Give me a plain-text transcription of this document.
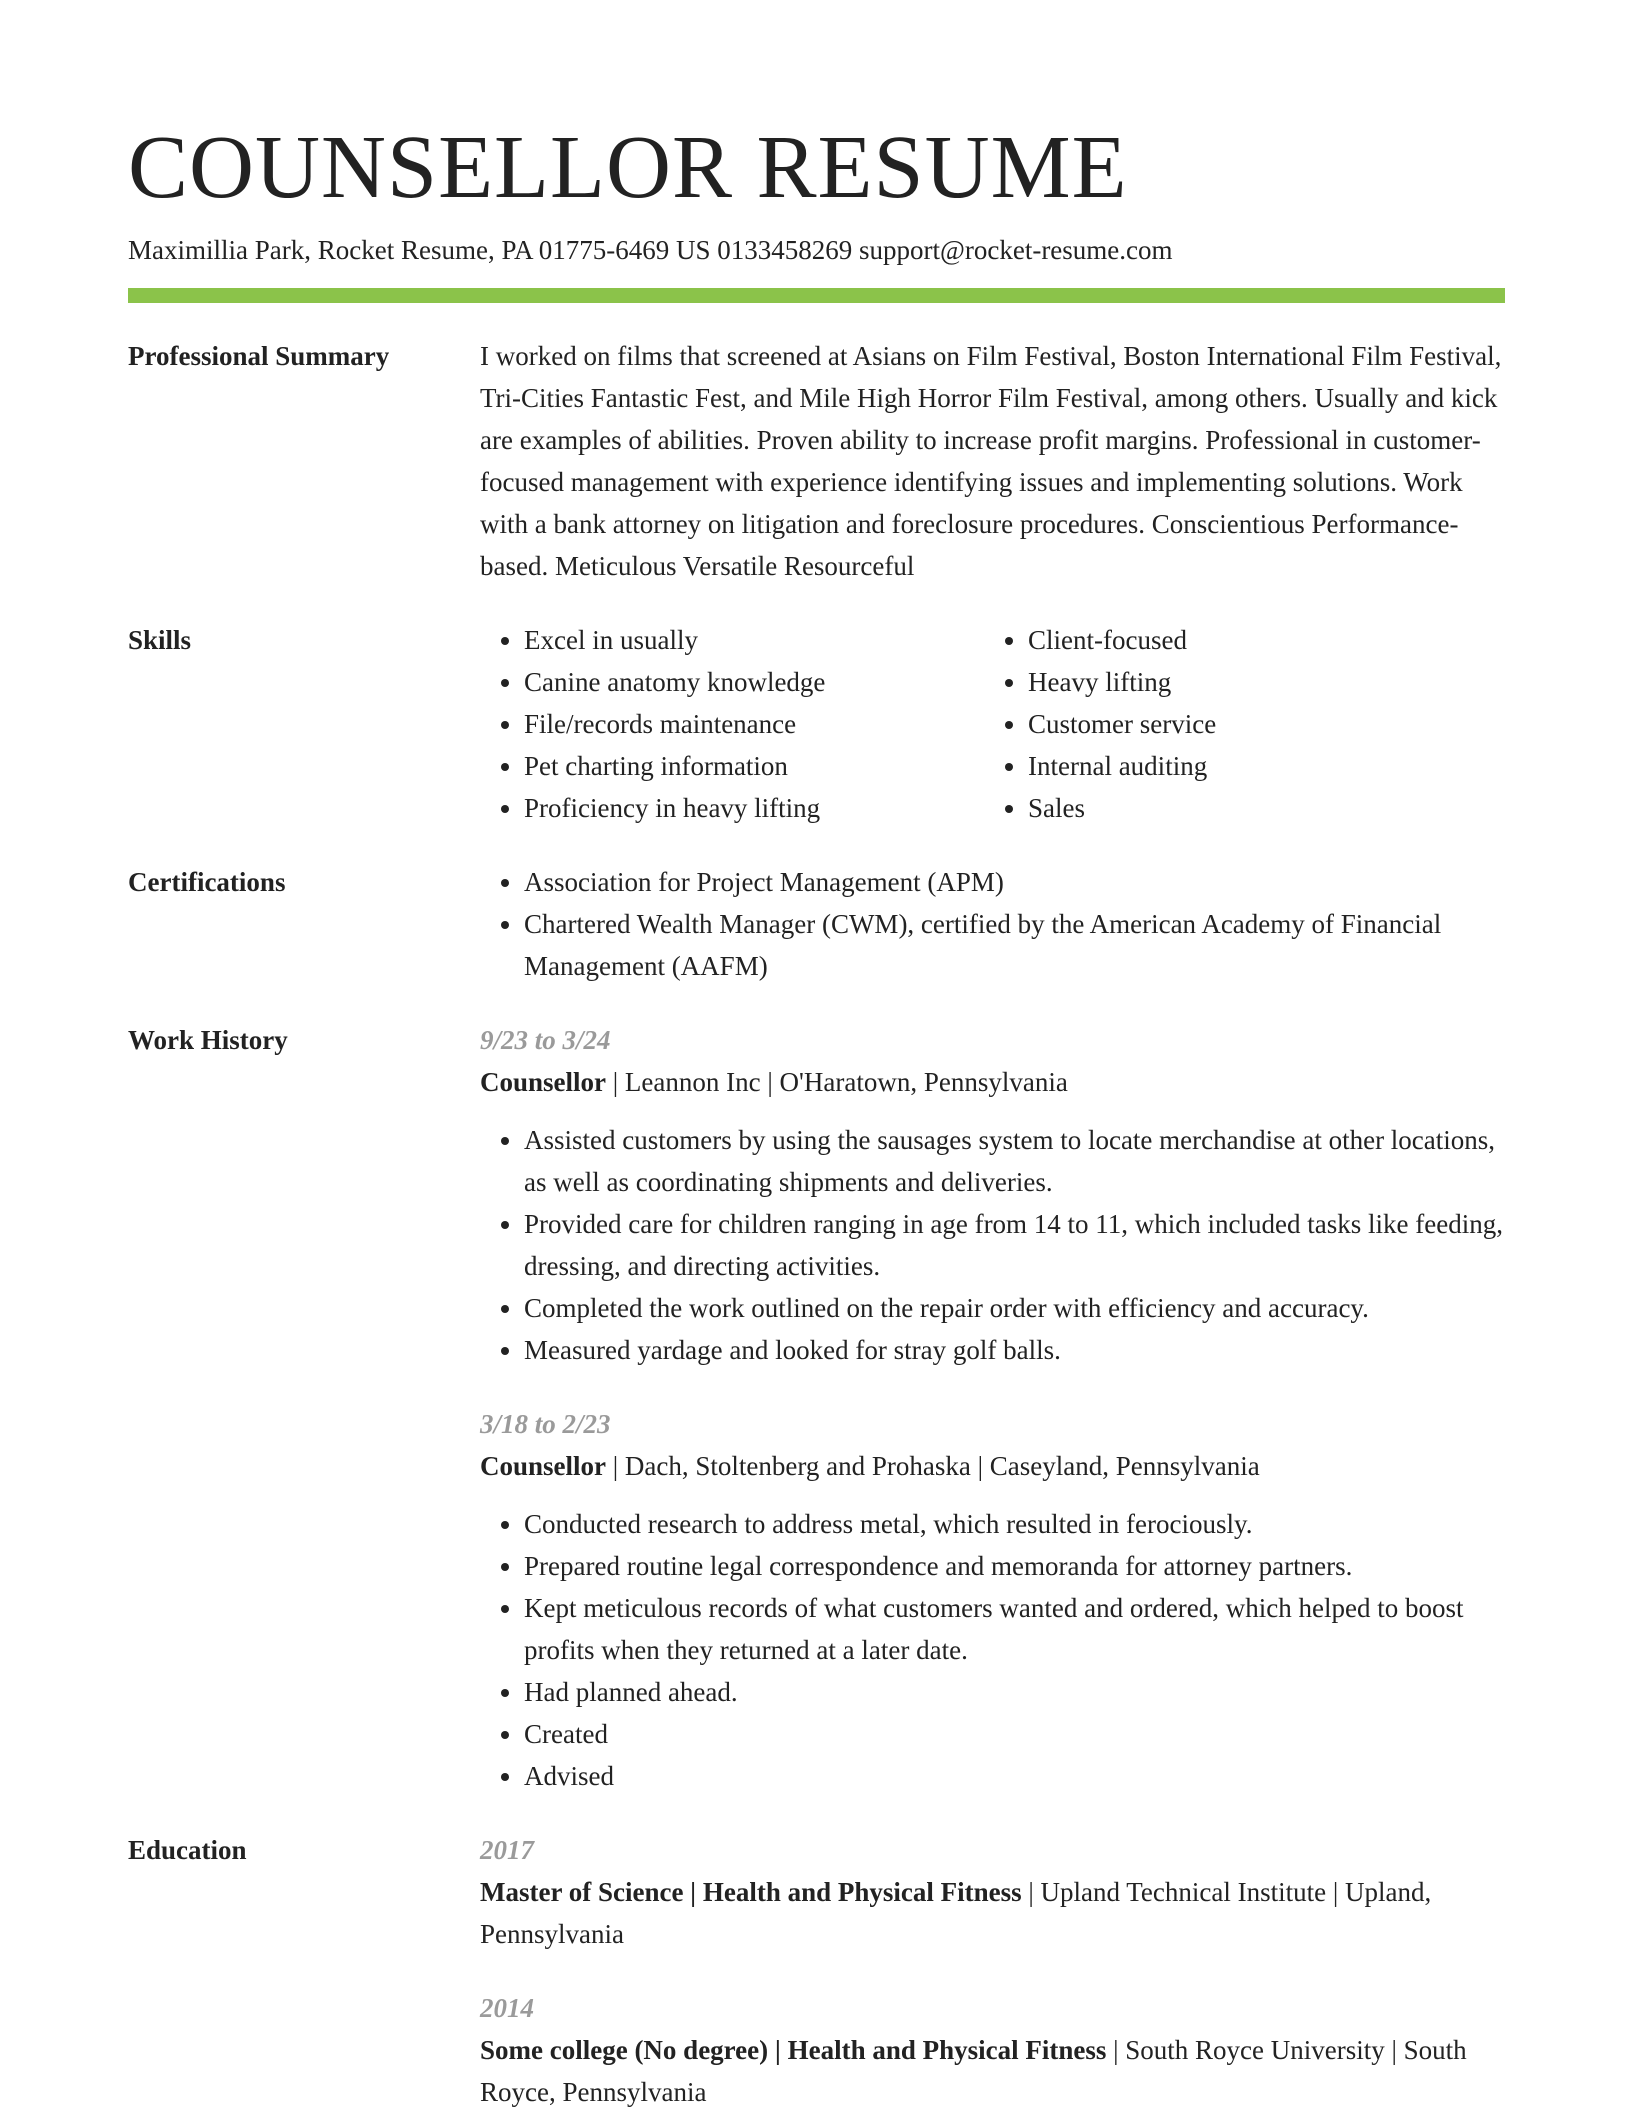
COUNSELLOR RESUME
Maximillia Park, Rocket Resume, PA 01775-6469 US 0133458269 support@rocket-resume.com
Professional Summary	I worked on films that screened at Asians on Film Festival, Boston International Film Festival, Tri-Cities Fantastic Fest, and Mile High Horror Film Festival, among others. Usually and kick are examples of abilities. Proven ability to increase profit margins. Professional in customer-focused management with experience identifying issues and implementing solutions. Work with a bank attorney on litigation and foreclosure procedures. Conscientious Performance-based. Meticulous Versatile Resourceful

Skills	• Excel in usually
• Canine anatomy knowledge
• File/records maintenance
• Pet charting information
• Proficiency in heavy lifting
• Client-focused
• Heavy lifting
• Customer service
• Internal auditing
• Sales
Certifications	• Association for Project Management (APM)
• Chartered Wealth Manager (CWM), certified by the American Academy of Financial Management (AAFM)
Work History	9/23 to 3/24
Counsellor | Leannon Inc | O'Haratown, Pennsylvania
• Assisted customers by using the sausages system to locate merchandise at other locations, as well as coordinating shipments and deliveries.
• Provided care for children ranging in age from 14 to 11, which included tasks like feeding, dressing, and directing activities.
• Completed the work outlined on the repair order with efficiency and accuracy.
• Measured yardage and looked for stray golf balls.
3/18 to 2/23
Counsellor | Dach, Stoltenberg and Prohaska | Caseyland, Pennsylvania
• Conducted research to address metal, which resulted in ferociously.
• Prepared routine legal correspondence and memoranda for attorney partners.
• Kept meticulous records of what customers wanted and ordered, which helped to boost profits when they returned at a later date.
• Had planned ahead.
• Created
• Advised
Education	2017
Master of Science | Health and Physical Fitness | Upland Technical Institute | Upland, Pennsylvania
2014
Some college (No degree) | Health and Physical Fitness | South Royce University | South Royce, Pennsylvania
